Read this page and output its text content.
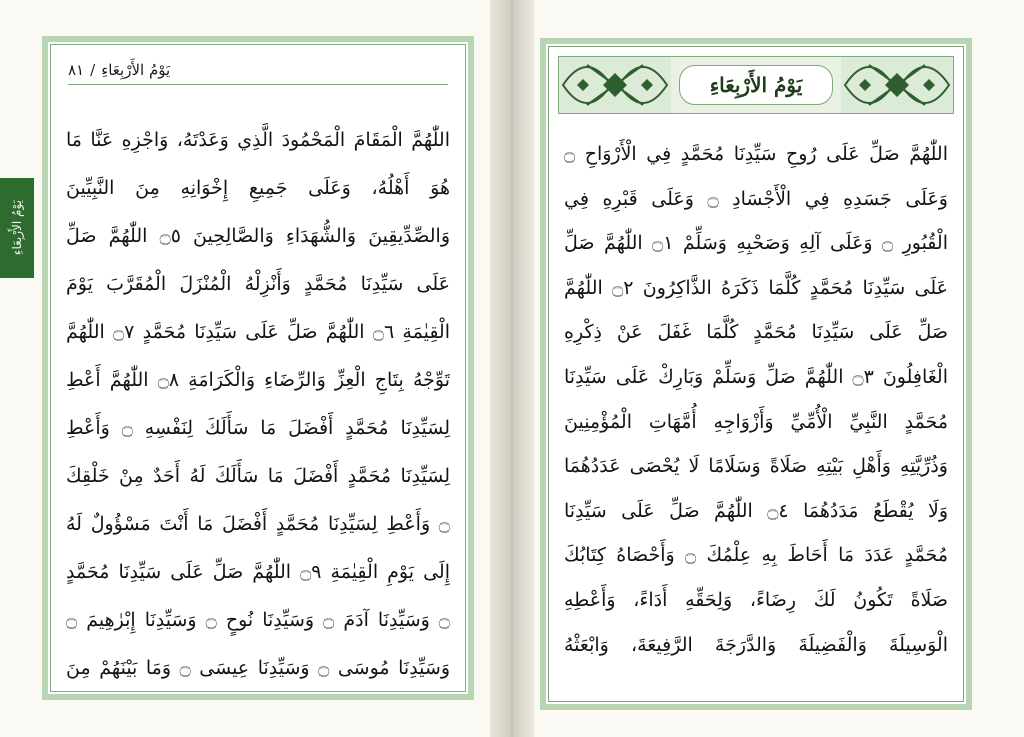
يَوْمُ الأَرْبِعَاءِ
يَوْمُ الأَرْبِعَاءِ
/
٨١
اللّٰهُمَّ الْمَقَامَ الْمَحْمُودَ الَّذِي وَعَدْتَهُ، وَاجْزِهِ عَنَّا مَا
هُوَ أَهْلُهُ، وَعَلَى جَمِيعِ إِخْوَانِهِ مِنَ النَّبِيِّينَ
وَالصِّدِّيقِينَ وَالشُّهَدَاءِ وَالصَّالِحِينَ ۝٥ اللّٰهُمَّ صَلِّ
عَلَى سَيِّدِنَا مُحَمَّدٍ وَأَنْزِلْهُ الْمُنْزَلَ الْمُقَرَّبَ يَوْمَ
الْقِيٰمَةِ ۝٦ اللّٰهُمَّ صَلِّ عَلَى سَيِّدِنَا مُحَمَّدٍ ۝٧ اللّٰهُمَّ
تَوِّجْهُ بِتَاجِ الْعِزِّ وَالرِّضَاءِ وَالْكَرَامَةِ ۝٨ اللّٰهُمَّ أَعْطِ
لِسَيِّدِنَا مُحَمَّدٍ أَفْضَلَ مَا سَأَلَكَ لِنَفْسِهِ ۝ وَأَعْطِ
لِسَيِّدِنَا مُحَمَّدٍ أَفْضَلَ مَا سَأَلَكَ لَهُ أَحَدٌ مِنْ خَلْقِكَ
۝ وَأَعْطِ لِسَيِّدِنَا مُحَمَّدٍ أَفْضَلَ مَا أَنْتَ مَسْؤُولٌ لَهُ
إِلَى يَوْمِ الْقِيٰمَةِ ۝٩ اللّٰهُمَّ صَلِّ عَلَى سَيِّدِنَا مُحَمَّدٍ
۝ وَسَيِّدِنَا آدَمَ ۝ وَسَيِّدِنَا نُوحٍ ۝ وَسَيِّدِنَا إِبْرٰهِيمَ ۝
وَسَيِّدِنَا مُوسَى ۝ وَسَيِّدِنَا عِيسَى ۝ وَمَا بَيْنَهُمْ مِنَ
يَوْمُ الأَرْبِعَاءِ
اللّٰهُمَّ صَلِّ عَلَى رُوحِ سَيِّدِنَا مُحَمَّدٍ فِي الْأَرْوَاحِ ۝
وَعَلَى جَسَدِهِ فِي الْأَجْسَادِ ۝ وَعَلَى قَبْرِهِ فِي
الْقُبُورِ ۝ وَعَلَى آلِهِ وَصَحْبِهِ وَسَلِّمْ ۝١ اللّٰهُمَّ صَلِّ
عَلَى سَيِّدِنَا مُحَمَّدٍ كُلَّمَا ذَكَرَهُ الذَّاكِرُونَ ۝٢ اللّٰهُمَّ
صَلِّ عَلَى سَيِّدِنَا مُحَمَّدٍ كُلَّمَا غَفَلَ عَنْ ذِكْرِهِ
الْغَافِلُونَ ۝٣ اللّٰهُمَّ صَلِّ وَسَلِّمْ وَبَارِكْ عَلَى سَيِّدِنَا
مُحَمَّدٍ النَّبِيِّ الْأُمِّيِّ وَأَزْوَاجِهِ أُمَّهَاتِ الْمُؤْمِنِينَ
وَذُرِّيَّتِهِ وَأَهْلِ بَيْتِهِ صَلَاةً وَسَلَامًا لَا يُحْصَى عَدَدُهُمَا
وَلَا يُقْطَعُ مَدَدُهُمَا ۝٤ اللّٰهُمَّ صَلِّ عَلَى سَيِّدِنَا
مُحَمَّدٍ عَدَدَ مَا أَحَاطَ بِهِ عِلْمُكَ ۝ وَأَحْصَاهُ كِتَابُكَ
صَلَاةً تَكُونُ لَكَ رِضَاءً، وَلِحَقِّهِ أَدَاءً، وَأَعْطِهِ
الْوَسِيلَةَ وَالْفَضِيلَةَ وَالدَّرَجَةَ الرَّفِيعَةَ، وَابْعَثْهُ
